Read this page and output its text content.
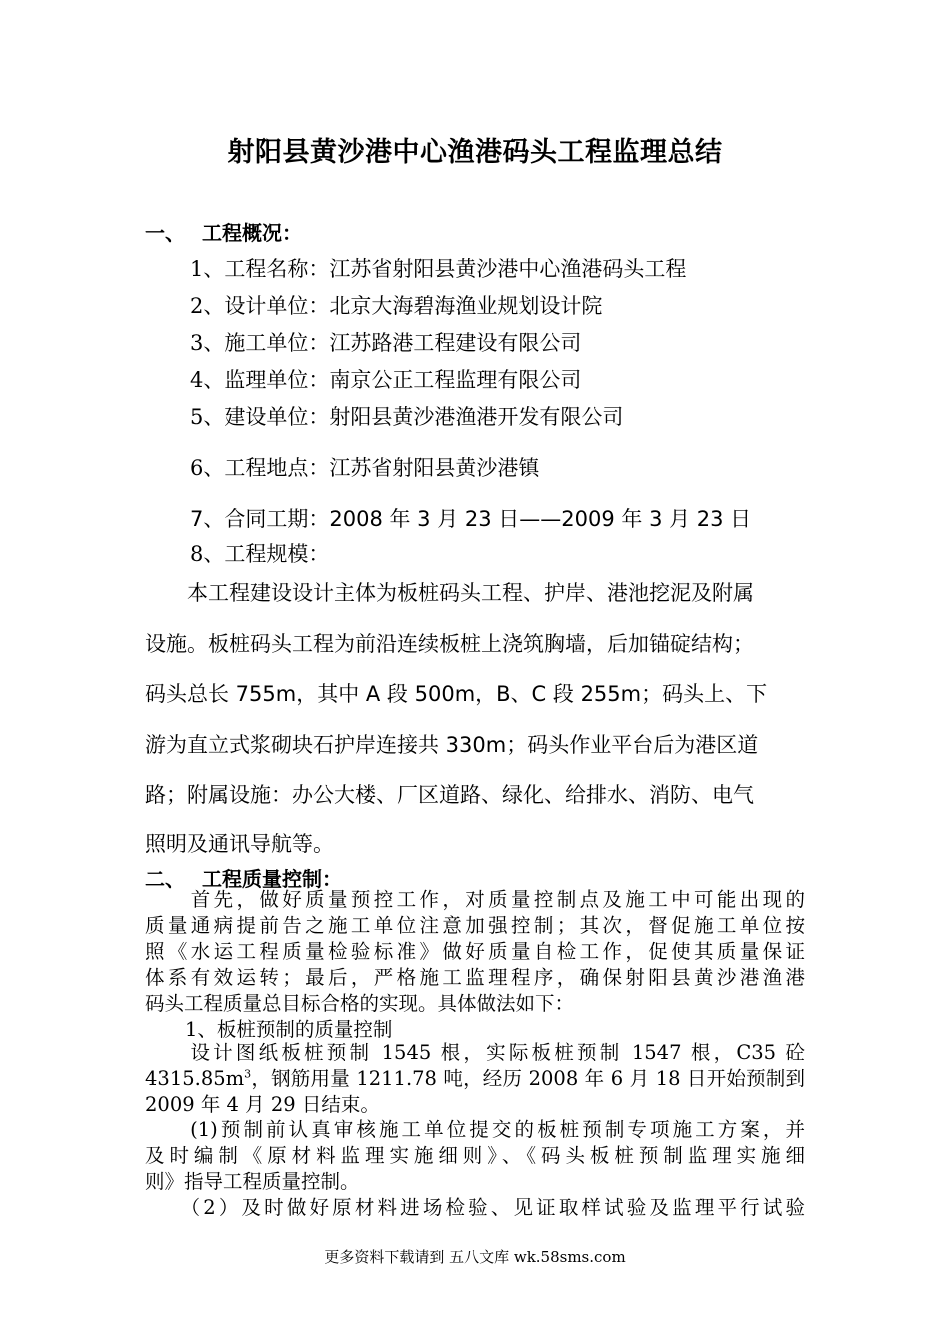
射阳县黄沙港中心渔港码头工程监理总结
一、 工程概况：
1、工程名称：江苏省射阳县黄沙港中心渔港码头工程
2、设计单位：北京大海碧海渔业规划设计院
3、施工单位：江苏路港工程建设有限公司
4、监理单位：南京公正工程监理有限公司
5、建设单位：射阳县黄沙港渔港开发有限公司
6、工程地点：江苏省射阳县黄沙港镇
7、合同工期：2008 年 3 月 23 日——2009 年 3 月 23 日
8、工程规模：
　　本工程建设设计主体为板桩码头工程、护岸、港池挖泥及附属
设施。板桩码头工程为前沿连续板桩上浇筑胸墙，后加锚碇结构；
码头总长 755m，其中 A 段 500m，B、C 段 255m；码头上、下
游为直立式浆砌块石护岸连接共 330m；码头作业平台后为港区道
路；附属设施：办公大楼、厂区道路、绿化、给排水、消防、电气
照明及通讯导航等。
二、 工程质量控制：
　　首先，做好质量预控工作，对质量控制点及施工中可能出现的
质量通病提前告之施工单位注意加强控制；其次，督促施工单位按
照《水运工程质量检验标准》做好质量自检工作，促使其质量保证
体系有效运转；最后，严格施工监理程序，确保射阳县黄沙港渔港
码头工程质量总目标合格的实现。具体做法如下：
1、板桩预制的质量控制
　　设计图纸板桩预制 1545 根，实际板桩预制 1547 根，C35 砼
$4315.85m^3$，钢筋用量 1211.78 吨，经历 2008 年 6 月 18 日开始预制到
2009 年 4 月 29 日结束。
　　(1)预制前认真审核施工单位提交的板桩预制专项施工方案，并
及时编制《原材料监理实施细则》、《码头板桩预制监理实施细
则》指导工程质量控制。
　　（2）及时做好原材料进场检验、见证取样试验及监理平行试验
更多资料下载请到 五八文库 wk.58sms.com
